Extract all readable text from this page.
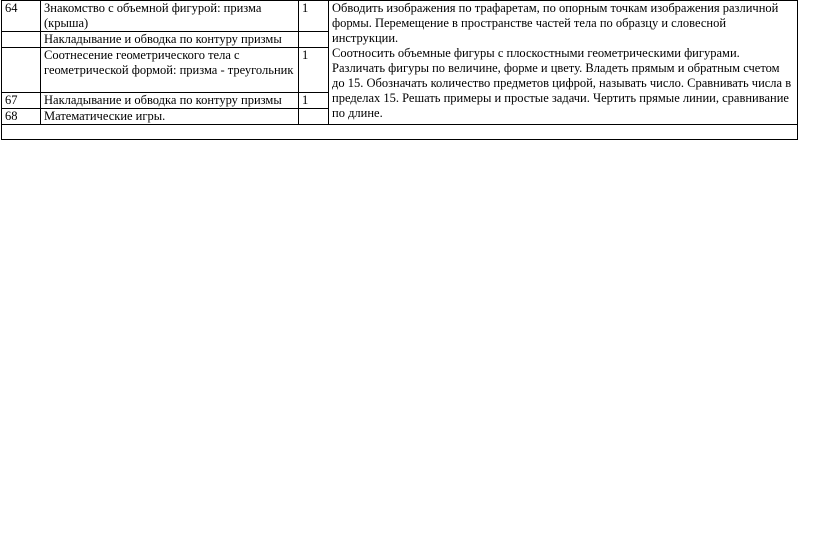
64	Знакомство с объемной фигурой: призма (крыша)	1	Обводить изображения по трафаретам, по опорным точкам изображения различной формы. Перемещение в пространстве частей тела по образцу и словесной инструкции.
Соотносить объемные фигуры с плоскостными геометрическими фигурами. Различать фигуры по величине, форме и цвету. Владеть прямым и обратным счетом до 15. Обозначать количество предметов цифрой, называть число. Сравнивать числа в пределах 15. Решать примеры и простые задачи. Чертить прямые линии, сравнивание по длине.

	Накладывание и обводка по контуру призмы		
	Соотнесение геометрического тела с геометрической формой: призма - треугольник	1	
67	Накладывание и обводка по контуру призмы	1	
68	Математические игры.		
